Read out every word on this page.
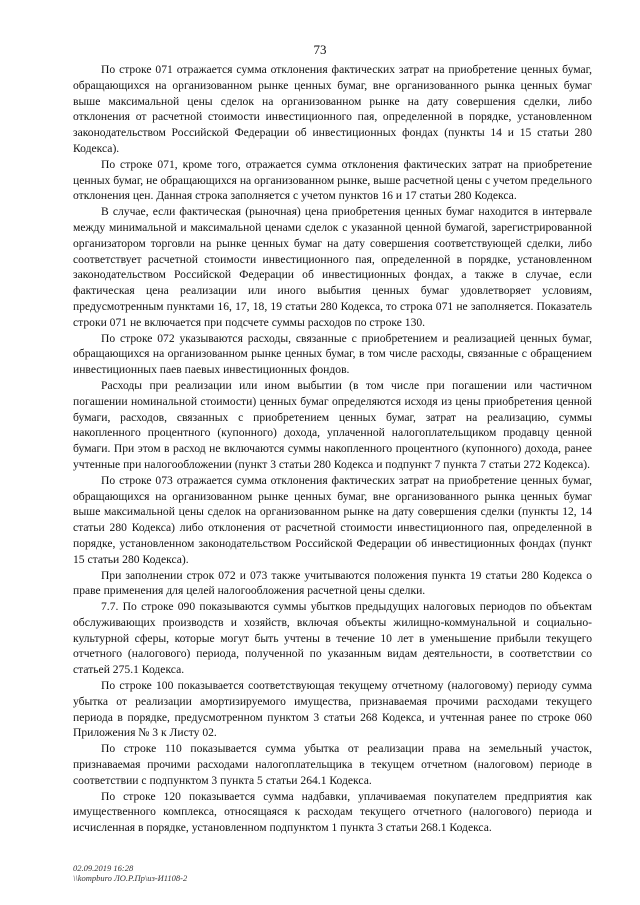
73

По строке 071 отражается сумма отклонения фактических затрат на приобретение ценных бумаг, обращающихся на организованном рынке ценных бумаг, вне организованного рынка ценных бумаг выше максимальной цены сделок на организованном рынке на дату совершения сделки, либо отклонения от расчетной стоимости инвестиционного пая, определенной в порядке, установленном законодательством Российской Федерации об инвестиционных фондах (пункты 14 и 15 статьи 280 Кодекса).

По строке 071, кроме того, отражается сумма отклонения фактических затрат на приобретение ценных бумаг, не обращающихся на организованном рынке, выше расчетной цены с учетом предельного отклонения цен. Данная строка заполняется с учетом пунктов 16 и 17 статьи 280 Кодекса.

В случае, если фактическая (рыночная) цена приобретения ценных бумаг находится в интервале между минимальной и максимальной ценами сделок с указанной ценной бумагой, зарегистрированной организатором торговли на рынке ценных бумаг на дату совершения соответствующей сделки, либо соответствует расчетной стоимости инвестиционного пая, определенной в порядке, установленном законодательством Российской Федерации об инвестиционных фондах, а также в случае, если фактическая цена реализации или иного выбытия ценных бумаг удовлетворяет условиям, предусмотренным пунктами 16, 17, 18, 19 статьи 280 Кодекса, то строка 071 не заполняется. Показатель строки 071 не включается при подсчете суммы расходов по строке 130.

По строке 072 указываются расходы, связанные с приобретением и реализацией ценных бумаг, обращающихся на организованном рынке ценных бумаг, в том числе расходы, связанные с обращением инвестиционных паев паевых инвестиционных фондов.

Расходы при реализации или ином выбытии (в том числе при погашении или частичном погашении номинальной стоимости) ценных бумаг определяются исходя из цены приобретения ценной бумаги, расходов, связанных с приобретением ценных бумаг, затрат на реализацию, суммы накопленного процентного (купонного) дохода, уплаченной налогоплательщиком продавцу ценной бумаги. При этом в расход не включаются суммы накопленного процентного (купонного) дохода, ранее учтенные при налогообложении (пункт 3 статьи 280 Кодекса и подпункт 7 пункта 7 статьи 272 Кодекса).

По строке 073 отражается сумма отклонения фактических затрат на приобретение ценных бумаг, обращающихся на организованном рынке ценных бумаг, вне организованного рынка ценных бумаг выше максимальной цены сделок на организованном рынке на дату совершения сделки (пункты 12, 14 статьи 280 Кодекса) либо отклонения от расчетной стоимости инвестиционного пая, определенной в порядке, установленном законодательством Российской Федерации об инвестиционных фондах (пункт 15 статьи 280 Кодекса).

При заполнении строк 072 и 073 также учитываются положения пункта 19 статьи 280 Кодекса о праве применения для целей налогообложения расчетной цены сделки.

7.7. По строке 090 показываются суммы убытков предыдущих налоговых периодов по объектам обслуживающих производств и хозяйств, включая объекты жилищно-коммунальной и социально-культурной сферы, которые могут быть учтены в течение 10 лет в уменьшение прибыли текущего отчетного (налогового) периода, полученной по указанным видам деятельности, в соответствии со статьей 275.1 Кодекса.

По строке 100 показывается соответствующая текущему отчетному (налоговому) периоду сумма убытка от реализации амортизируемого имущества, признаваемая прочими расходами текущего периода в порядке, предусмотренном пунктом 3 статьи 268 Кодекса, и учтенная ранее по строке 060 Приложения № 3 к Листу 02.

По строке 110 показывается сумма убытка от реализации права на земельный участок, признаваемая прочими расходами налогоплательщика в текущем отчетном (налоговом) периоде в соответствии с подпунктом 3 пункта 5 статьи 264.1 Кодекса.

По строке 120 показывается сумма надбавки, уплачиваемая покупателем предприятия как имущественного комплекса, относящаяся к расходам текущего отчетного (налогового) периода и исчисленная в порядке, установленном подпунктом 1 пункта 3 статьи 268.1 Кодекса.

02.09.2019 16:28
\\kompburo ЛО.Р.Пр\из-И1108-2
